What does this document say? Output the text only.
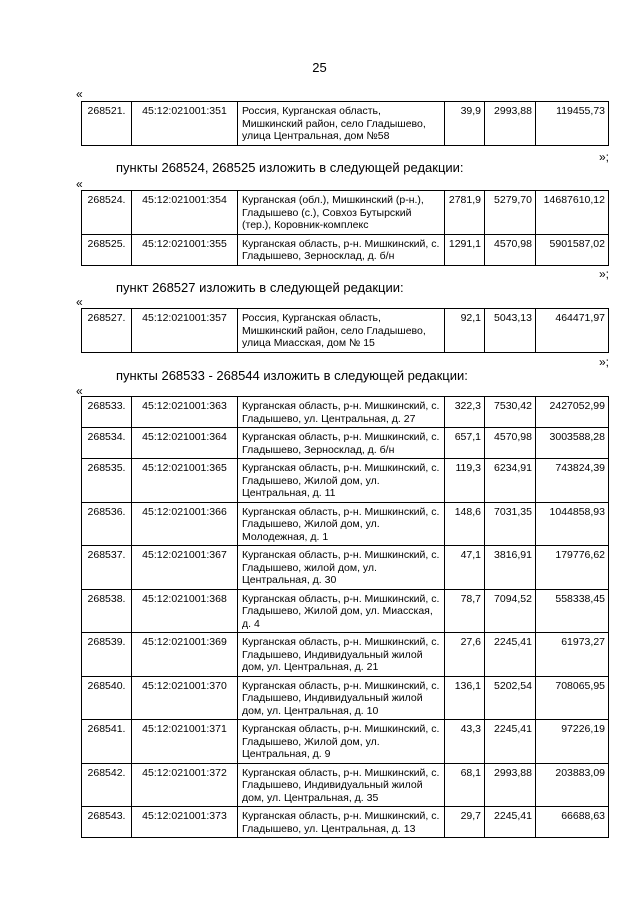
25
«
268521.	45:12:021001:351	Россия, Курганская область, Мишкинский район, село Гладышево, улица Центральная, дом №58	39,9	2993,88	119455,73
»;
пункты 268524, 268525 изложить в следующей редакции:
«
268524.	45:12:021001:354	Курганская (обл.), Мишкинский (р-н.), Гладышево (с.), Совхоз Бутырский (тер.), Коровник-комплекс	2781,9	5279,70	14687610,12
268525.	45:12:021001:355	Курганская область, р-н. Мишкинский, с. Гладышево, Зерносклад, д. б/н	1291,1	4570,98	5901587,02
»;
пункт 268527 изложить в следующей редакции:
«
268527.	45:12:021001:357	Россия, Курганская область, Мишкинский район, село Гладышево, улица Миасская, дом № 15	92,1	5043,13	464471,97
»;
пункты 268533 - 268544 изложить в следующей редакции:
«
268533.	45:12:021001:363	Курганская область, р-н. Мишкинский, с. Гладышево, ул. Центральная, д. 27	322,3	7530,42	2427052,99
268534.	45:12:021001:364	Курганская область, р-н. Мишкинский, с. Гладышево, Зерносклад, д. б/н	657,1	4570,98	3003588,28
268535.	45:12:021001:365	Курганская область, р-н. Мишкинский, с. Гладышево, Жилой дом, ул. Центральная, д. 11	119,3	6234,91	743824,39
268536.	45:12:021001:366	Курганская область, р-н. Мишкинский, с. Гладышево, Жилой дом, ул. Молодежная, д. 1	148,6	7031,35	1044858,93
268537.	45:12:021001:367	Курганская область, р-н. Мишкинский, с. Гладышево, жилой дом, ул. Центральная, д. 30	47,1	3816,91	179776,62
268538.	45:12:021001:368	Курганская область, р-н. Мишкинский, с. Гладышево, Жилой дом, ул. Миасская, д. 4	78,7	7094,52	558338,45
268539.	45:12:021001:369	Курганская область, р-н. Мишкинский, с. Гладышево, Индивидуальный жилой дом, ул. Центральная, д. 21	27,6	2245,41	61973,27
268540.	45:12:021001:370	Курганская область, р-н. Мишкинский, с. Гладышево, Индивидуальный жилой дом, ул. Центральная, д. 10	136,1	5202,54	708065,95
268541.	45:12:021001:371	Курганская область, р-н. Мишкинский, с. Гладышево, Жилой дом, ул. Центральная, д. 9	43,3	2245,41	97226,19
268542.	45:12:021001:372	Курганская область, р-н. Мишкинский, с. Гладышево, Индивидуальный жилой дом, ул. Центральная, д. 35	68,1	2993,88	203883,09
268543.	45:12:021001:373	Курганская область, р-н. Мишкинский, с. Гладышево, ул. Центральная, д. 13	29,7	2245,41	66688,63
